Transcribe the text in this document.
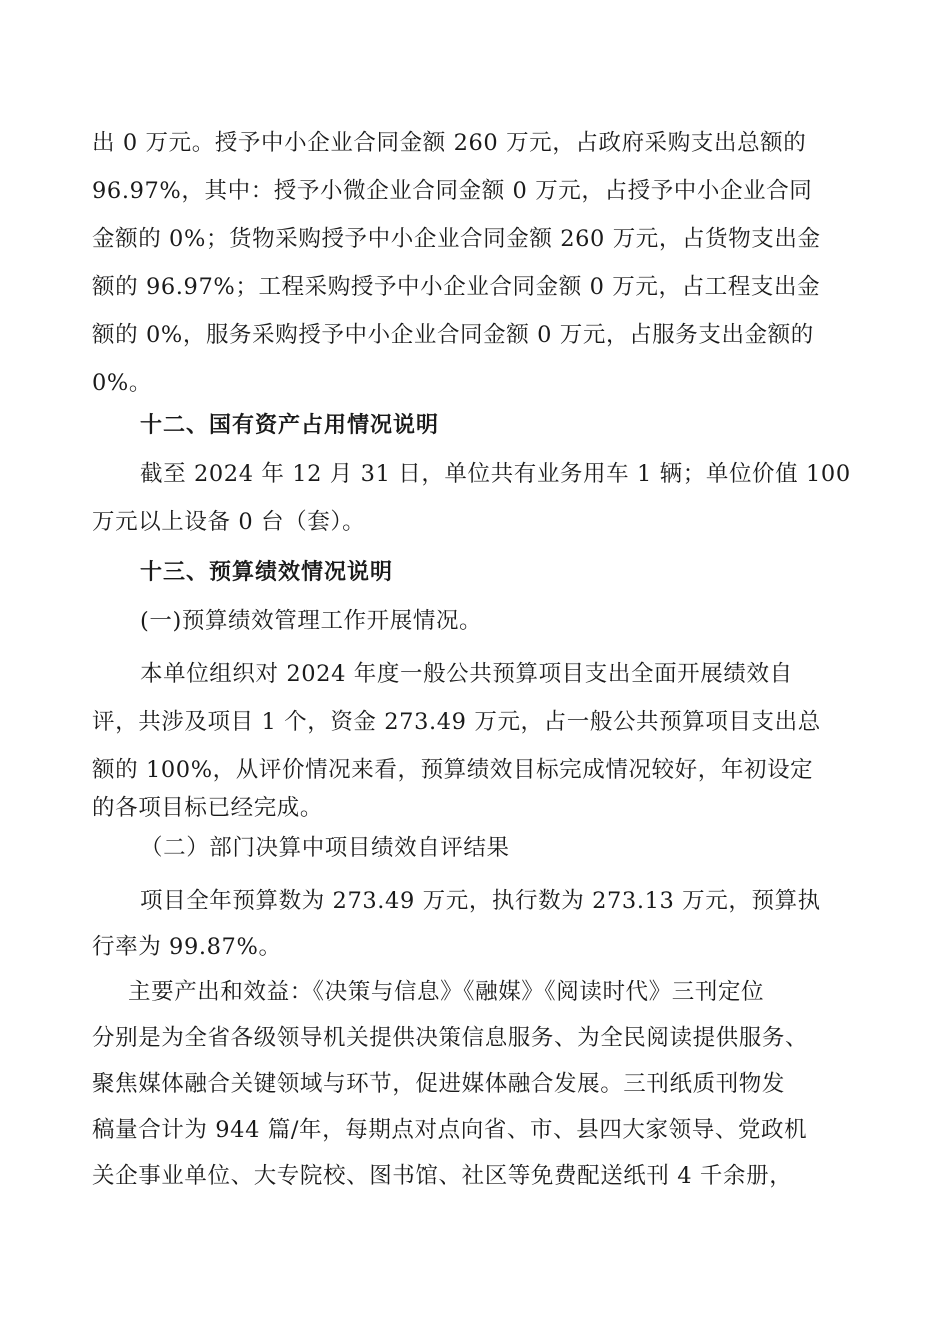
出 0 万元。授予中小企业合同金额 260 万元，占政府采购支出总额的
96.97%，其中：授予小微企业合同金额 0 万元，占授予中小企业合同
金额的 0%；货物采购授予中小企业合同金额 260 万元，占货物支出金
额的 96.97%；工程采购授予中小企业合同金额 0 万元，占工程支出金
额的 0%，服务采购授予中小企业合同金额 0 万元，占服务支出金额的
0%。
十二、国有资产占用情况说明
截至 2024 年 12 月 31 日，单位共有业务用车 1 辆；单位价值 100
万元以上设备 0 台（套）。
十三、预算绩效情况说明
(一)预算绩效管理工作开展情况。
本单位组织对 2024 年度一般公共预算项目支出全面开展绩效自
评，共涉及项目 1 个，资金 273.49 万元，占一般公共预算项目支出总
额的 100%，从评价情况来看，预算绩效目标完成情况较好，年初设定
的各项目标已经完成。
（二）部门决算中项目绩效自评结果
项目全年预算数为 273.49 万元，执行数为 273.13 万元，预算执
行率为 99.87%。
主要产出和效益：《决策与信息》《融媒》《阅读时代》三刊定位
分别是为全省各级领导机关提供决策信息服务、为全民阅读提供服务、
聚焦媒体融合关键领域与环节，促进媒体融合发展。三刊纸质刊物发
稿量合计为 944 篇/年，每期点对点向省、市、县四大家领导、党政机
关企事业单位、大专院校、图书馆、社区等免费配送纸刊 4 千余册，
